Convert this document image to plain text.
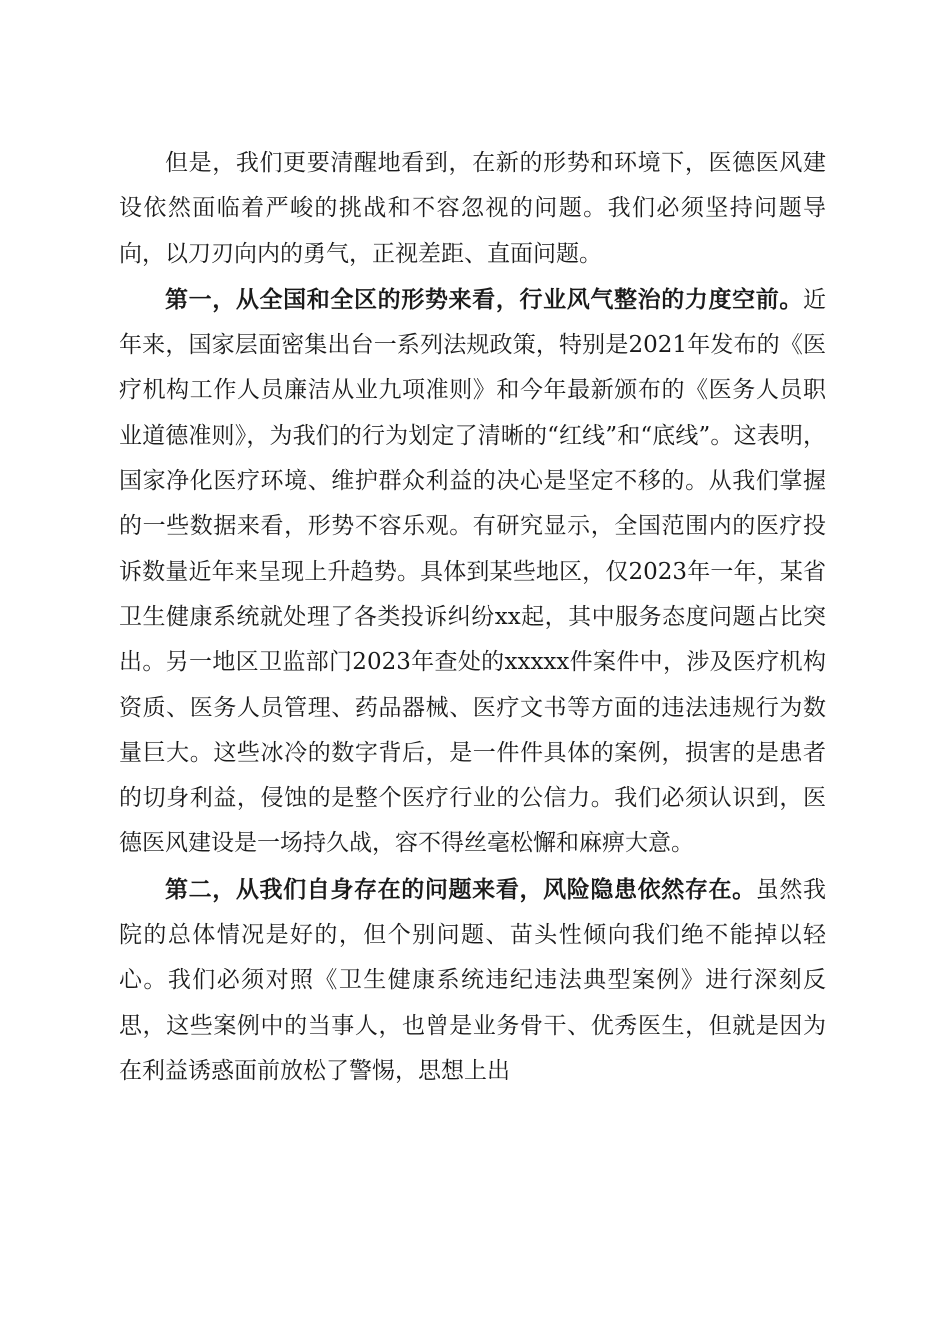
但是，我们更要清醒地看到，在新的形势和环境下，医德医风建设依然面临着严峻的挑战和不容忽视的问题。我们必须坚持问题导向，以刀刃向内的勇气，正视差距、直面问题。

第一，从全国和全区的形势来看，行业风气整治的力度空前。近年来，国家层面密集出台一系列法规政策，特别是2021年发布的《医疗机构工作人员廉洁从业九项准则》和今年最新颁布的《医务人员职业道德准则》，为我们的行为划定了清晰的“红线”和“底线”。这表明，国家净化医疗环境、维护群众利益的决心是坚定不移的。从我们掌握的一些数据来看，形势不容乐观。有研究显示，全国范围内的医疗投诉数量近年来呈现上升趋势。具体到某些地区，仅2023年一年，某省卫生健康系统就处理了各类投诉纠纷xx起，其中服务态度问题占比突出。另一地区卫监部门2023年查处的xxxxx件案件中，涉及医疗机构资质、医务人员管理、药品器械、医疗文书等方面的违法违规行为数量巨大。这些冰冷的数字背后，是一件件具体的案例，损害的是患者的切身利益，侵蚀的是整个医疗行业的公信力。我们必须认识到，医德医风建设是一场持久战，容不得丝毫松懈和麻痹大意。

第二，从我们自身存在的问题来看，风险隐患依然存在。虽然我院的总体情况是好的，但个别问题、苗头性倾向我们绝不能掉以轻心。我们必须对照《卫生健康系统违纪违法典型案例》进行深刻反思，这些案例中的当事人，也曾是业务骨干、优秀医生，但就是因为在利益诱惑面前放松了警惕，思想上出
